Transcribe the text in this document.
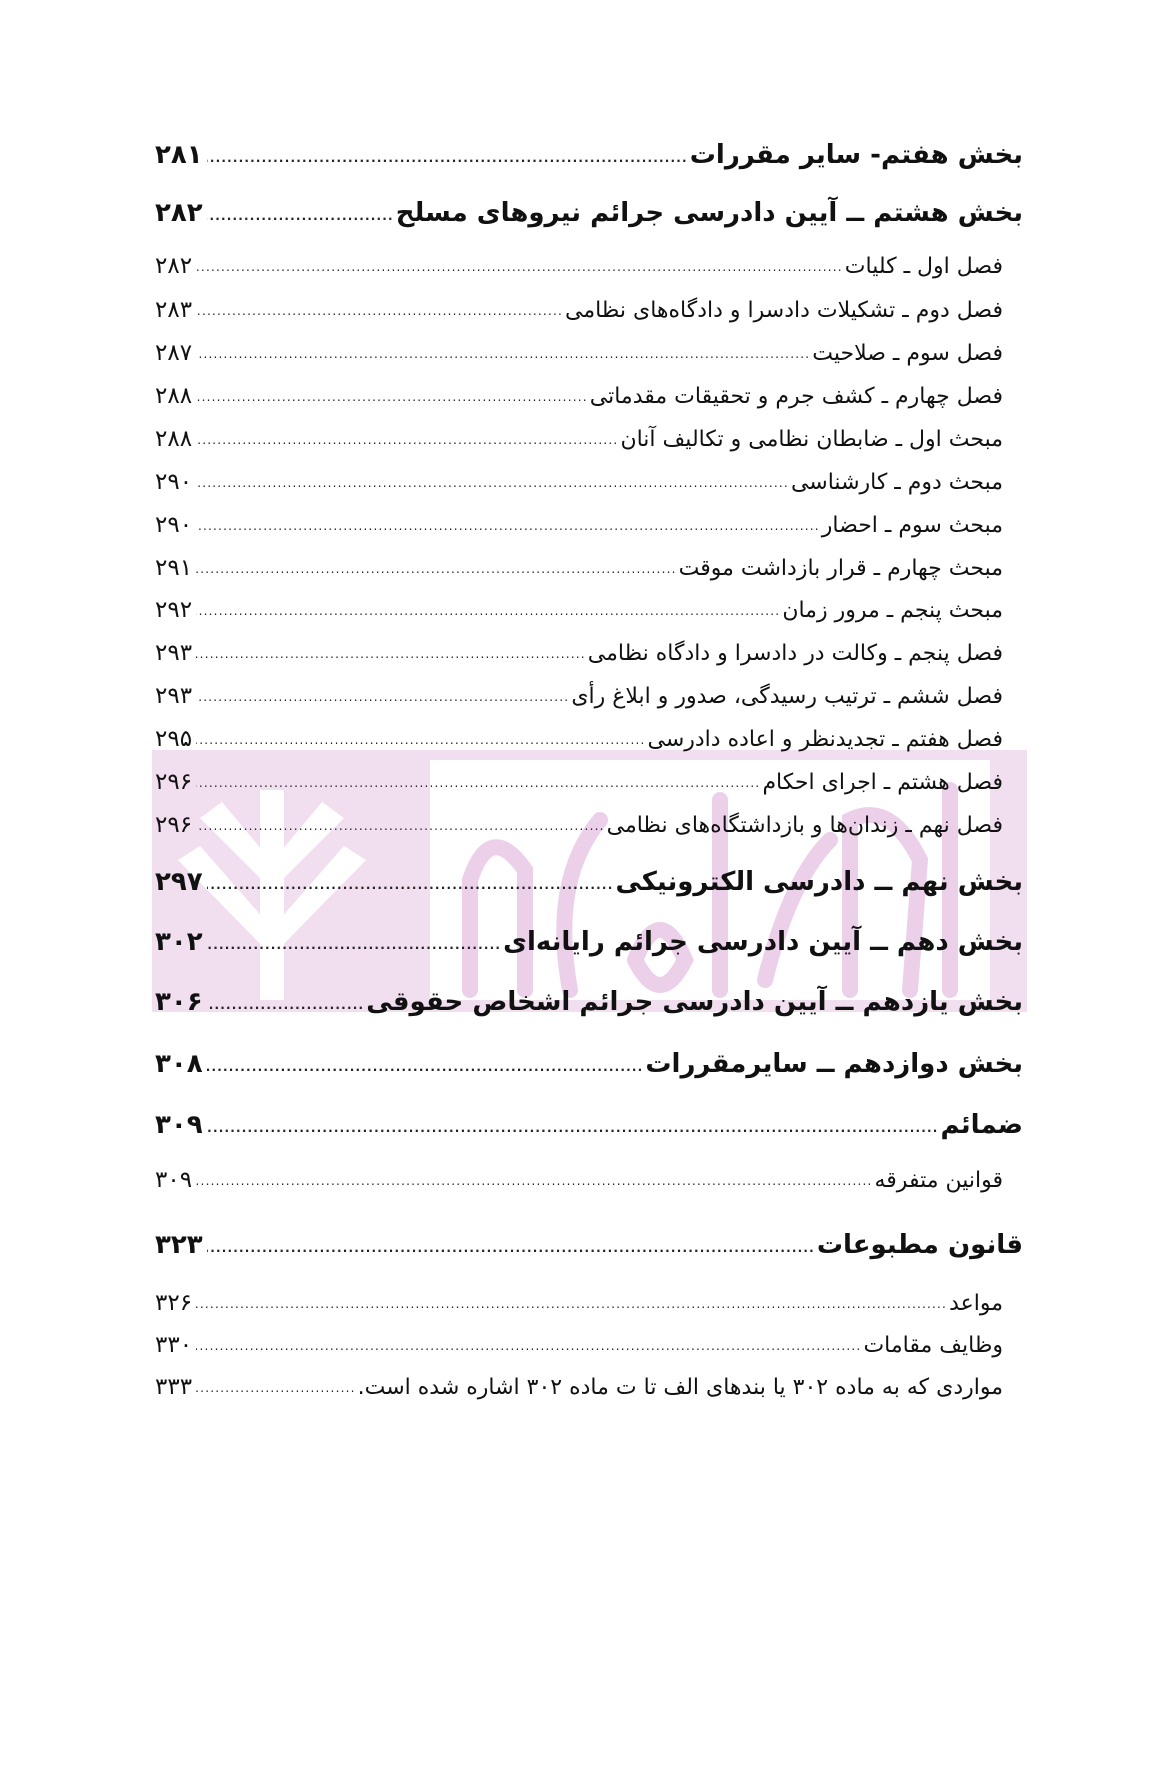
بخش هفتم- سایر مقررات
.....
۲۸۱
بخش هشتم ــ آیین دادرسی جرائم نیروهای مسلح
.....
۲۸۲
فصل اول ـ کلیات
.....
۲۸۲
فصل دوم ـ تشکیلات دادسرا و دادگاه‌های نظامی
.....
۲۸۳
فصل سوم ـ صلاحیت
.....
۲۸۷
فصل چهارم ـ کشف جرم و تحقیقات مقدماتی
.....
۲۸۸
مبحث اول ـ ضابطان نظامی و تکالیف آنان
.....
۲۸۸
مبحث دوم ـ کارشناسی
.....
۲۹۰
مبحث سوم ـ احضار
.....
۲۹۰
مبحث چهارم ـ قرار بازداشت موقت
.....
۲۹۱
مبحث پنجم ـ مرور زمان
.....
۲۹۲
فصل پنجم ـ وکالت در دادسرا و دادگاه نظامی
.....
۲۹۳
فصل ششم ـ ترتیب رسیدگی، صدور و ابلاغ رأی
.....
۲۹۳
فصل هفتم ـ تجدیدنظر و اعاده دادرسی
.....
۲۹۵
فصل هشتم ـ اجرای احکام
.....
۲۹۶
فصل نهم ـ زندان‌ها و بازداشتگاه‌های نظامی
.....
۲۹۶
بخش نهم ــ دادرسی الکترونیکی
.....
۲۹۷
بخش دهم ــ آیین دادرسی جرائم رایانه‌ای
.....
۳۰۲
بخش یازدهم ــ آیین دادرسی جرائم اشخاص حقوقی
.....
۳۰۶
بخش دوازدهم ــ سایرمقررات
.....
۳۰۸
ضمائم
.....
۳۰۹
قوانین متفرقه
.....
۳۰۹
قانون مطبوعات
.....
۳۲۳
مواعد
.....
۳۲۶
وظایف مقامات
.....
۳۳۰
مواردی که به ماده ۳۰۲ یا بندهای الف تا ت ماده ۳۰۲ اشاره شده است.
.....
۳۳۳
